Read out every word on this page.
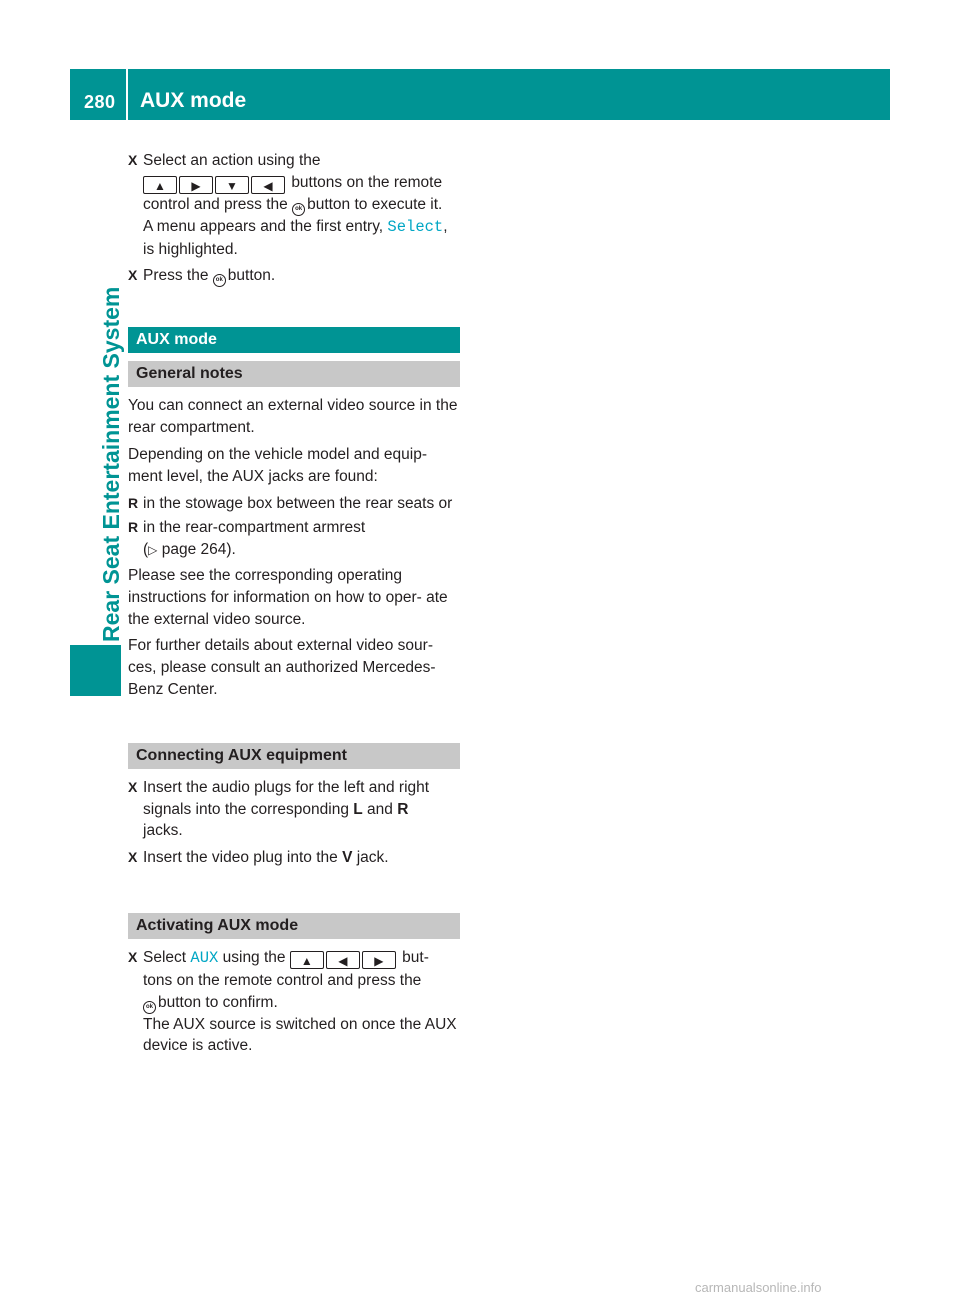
280	AUX mode
Rear Seat Entertainment System
X Select an action using the
▲ ▶ ▼ ◀ buttons on the remote control and press the ok button to execute it.
A menu appears and the first entry, Select, is highlighted.
X Press the ok button.
AUX mode
General notes

You can connect an external video source in the rear compartment.

Depending on the vehicle model and equip- ment level, the AUX jacks are found:

R in the stowage box between the rear seats or
R in the rear-compartment armrest
(▷ page 264).

Please see the corresponding operating instructions for information on how to oper- ate the external video source.

For further details about external video sour- ces, please consult an authorized Mercedes- Benz Center.

Connecting AUX equipment
X Insert the audio plugs for the left and right signals into the corresponding L and R
jacks.
X Insert the video plug into the V jack.
Activating AUX mode
X Select AUX using the ▲ ◀ ▶ but- tons on the remote control and press the
ok button to confirm.
The AUX source is switched on once the AUX device is active.
carmanualsonline.info
